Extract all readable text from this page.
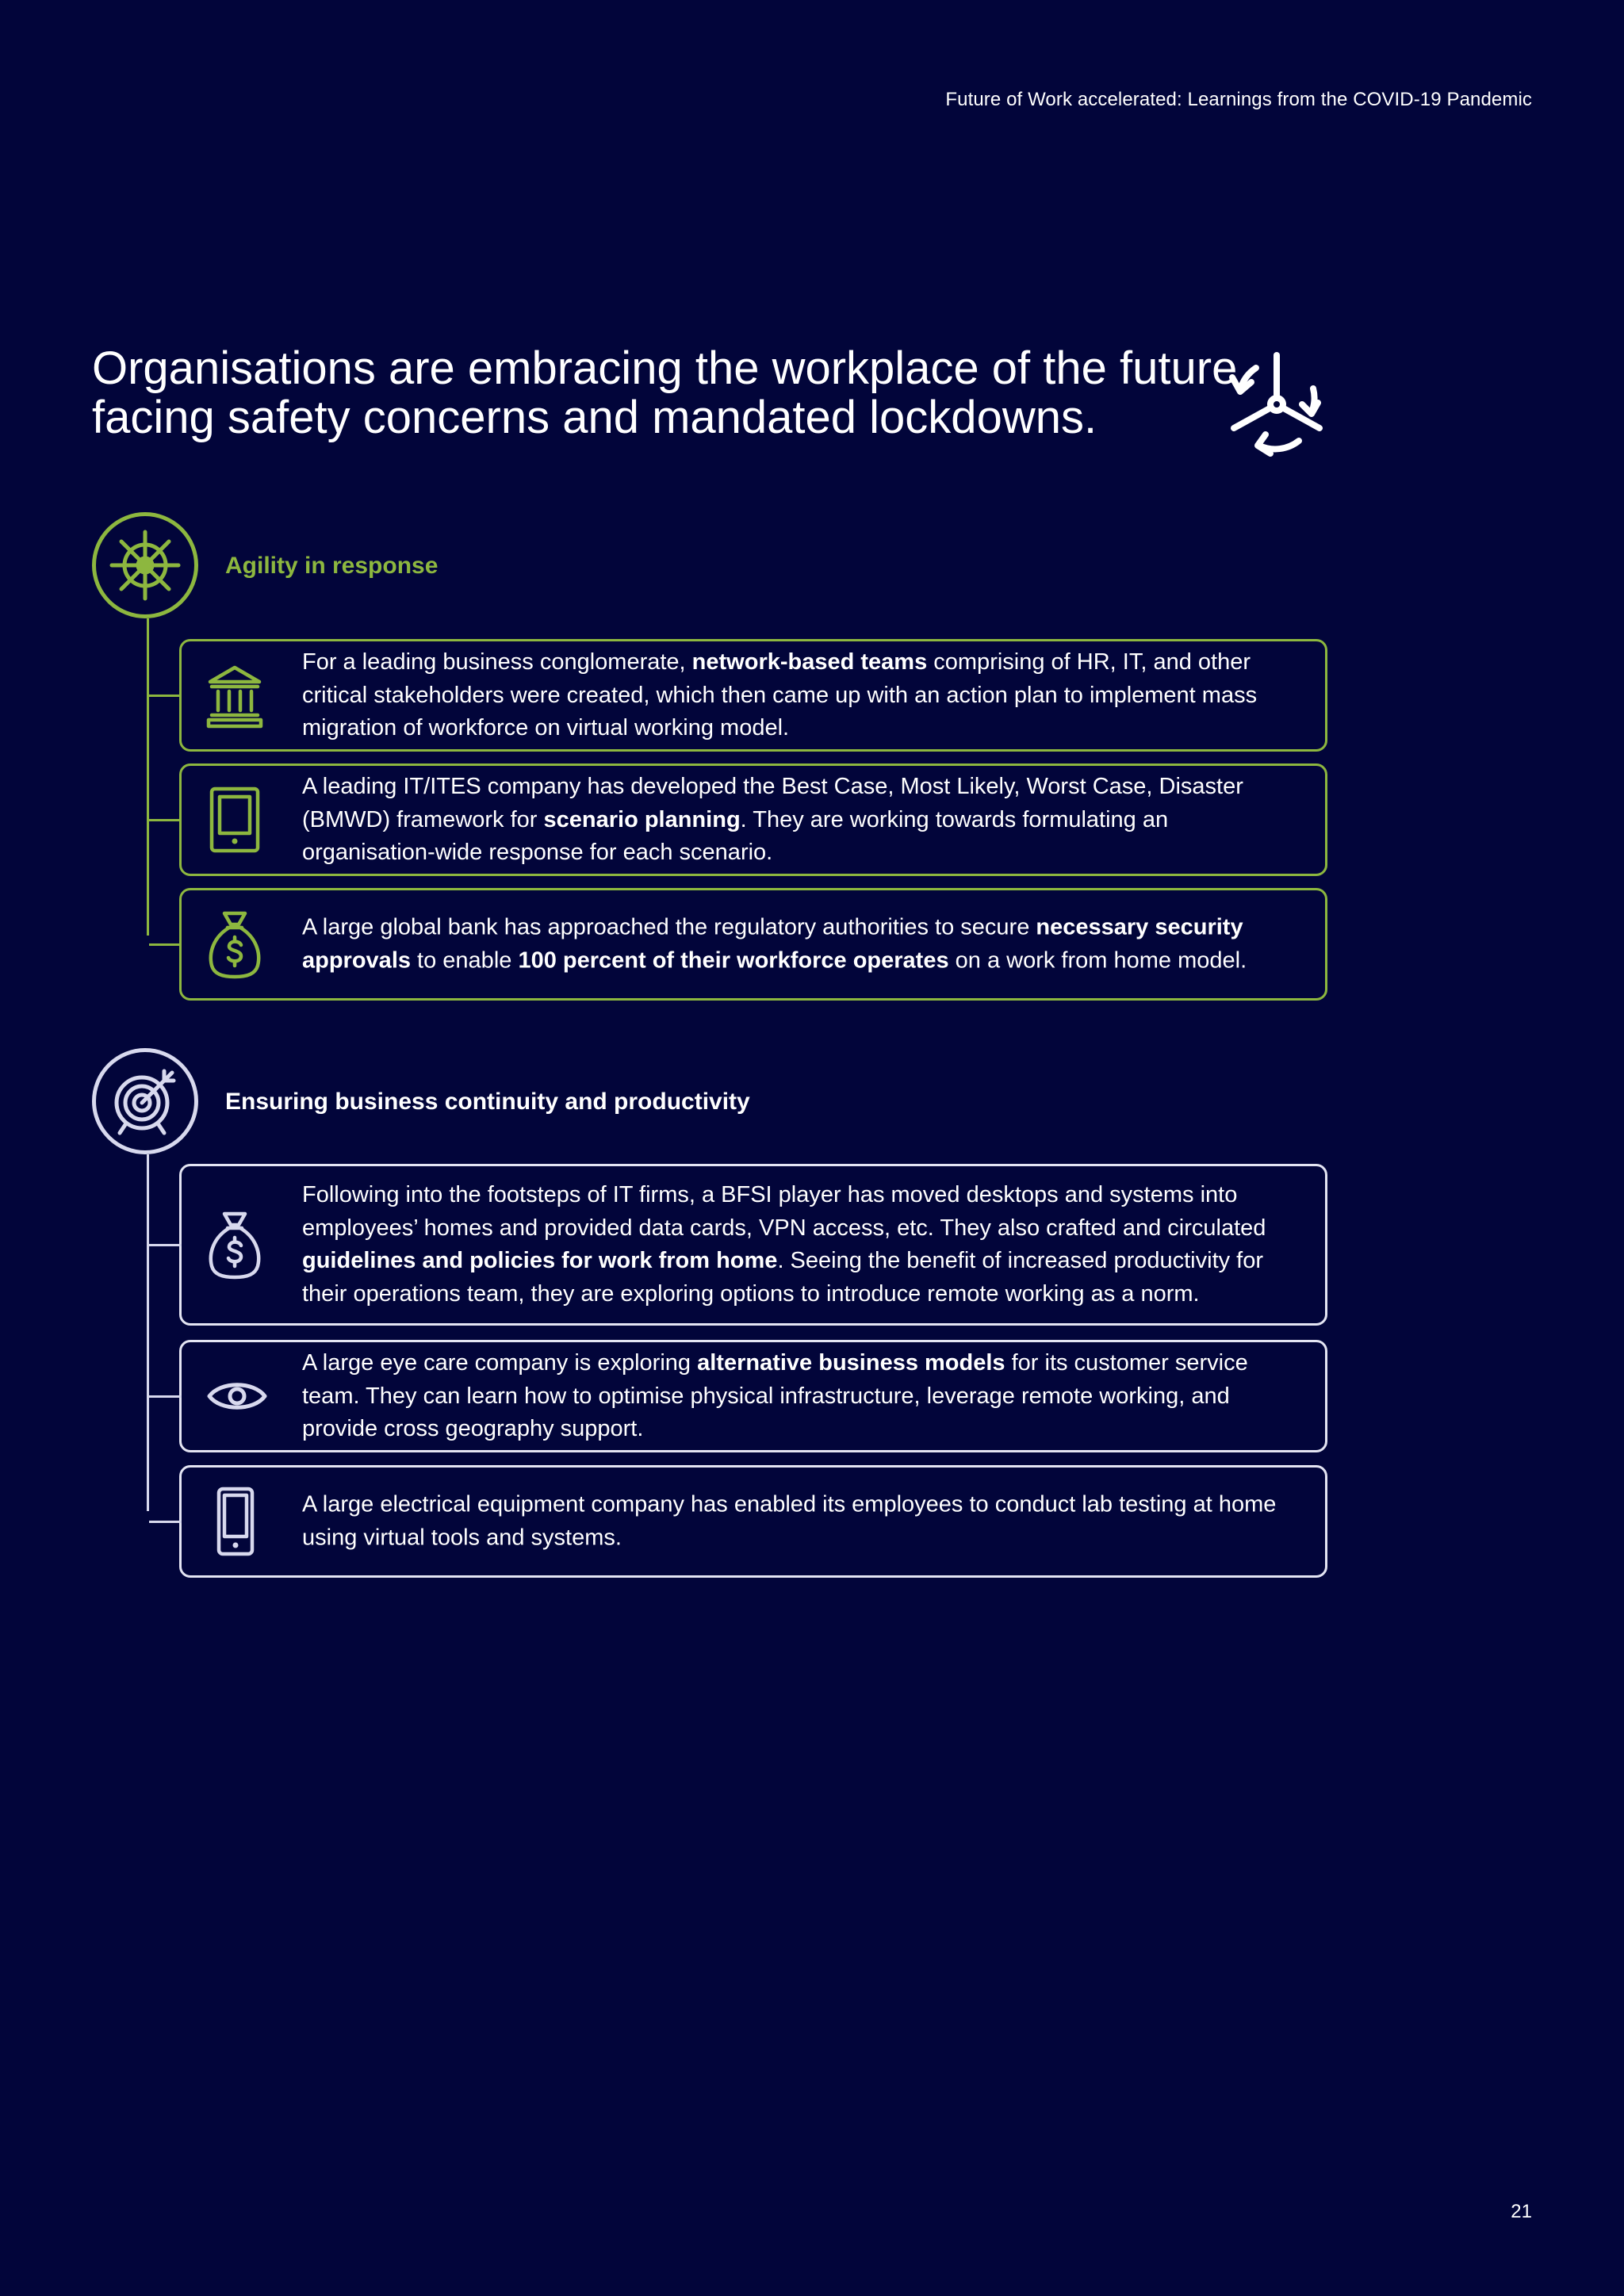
Future of Work accelerated: Learnings from the COVID-19 Pandemic
Organisations are embracing the workplace of the future
facing safety concerns and mandated lockdowns.
Agility in response
For a leading business conglomerate, network-based teams comprising of HR, IT, and other critical stakeholders were created, which then came up with an action plan to implement mass migration of workforce on virtual working model.
A leading IT/ITES company has developed the Best Case, Most Likely, Worst Case, Disaster (BMWD) framework for scenario planning. They are working towards formulating an organisation-wide response for each scenario.
A large global bank has approached the regulatory authorities to secure necessary security approvals to enable 100 percent of their workforce operates on a work from home model.
Ensuring business continuity and productivity
Following into the footsteps of IT firms, a BFSI player has moved desktops and systems into employees’ homes and provided data cards, VPN access, etc. They also crafted and circulated guidelines and policies for work from home. Seeing the benefit of increased productivity for their operations team, they are exploring options to introduce remote working as a norm.
A large eye care company is exploring alternative business models for its customer service team. They can learn how to optimise physical infrastructure, leverage remote working, and provide cross geography support.
A large electrical equipment company has enabled its employees to conduct lab testing at home using virtual tools and systems.
21
